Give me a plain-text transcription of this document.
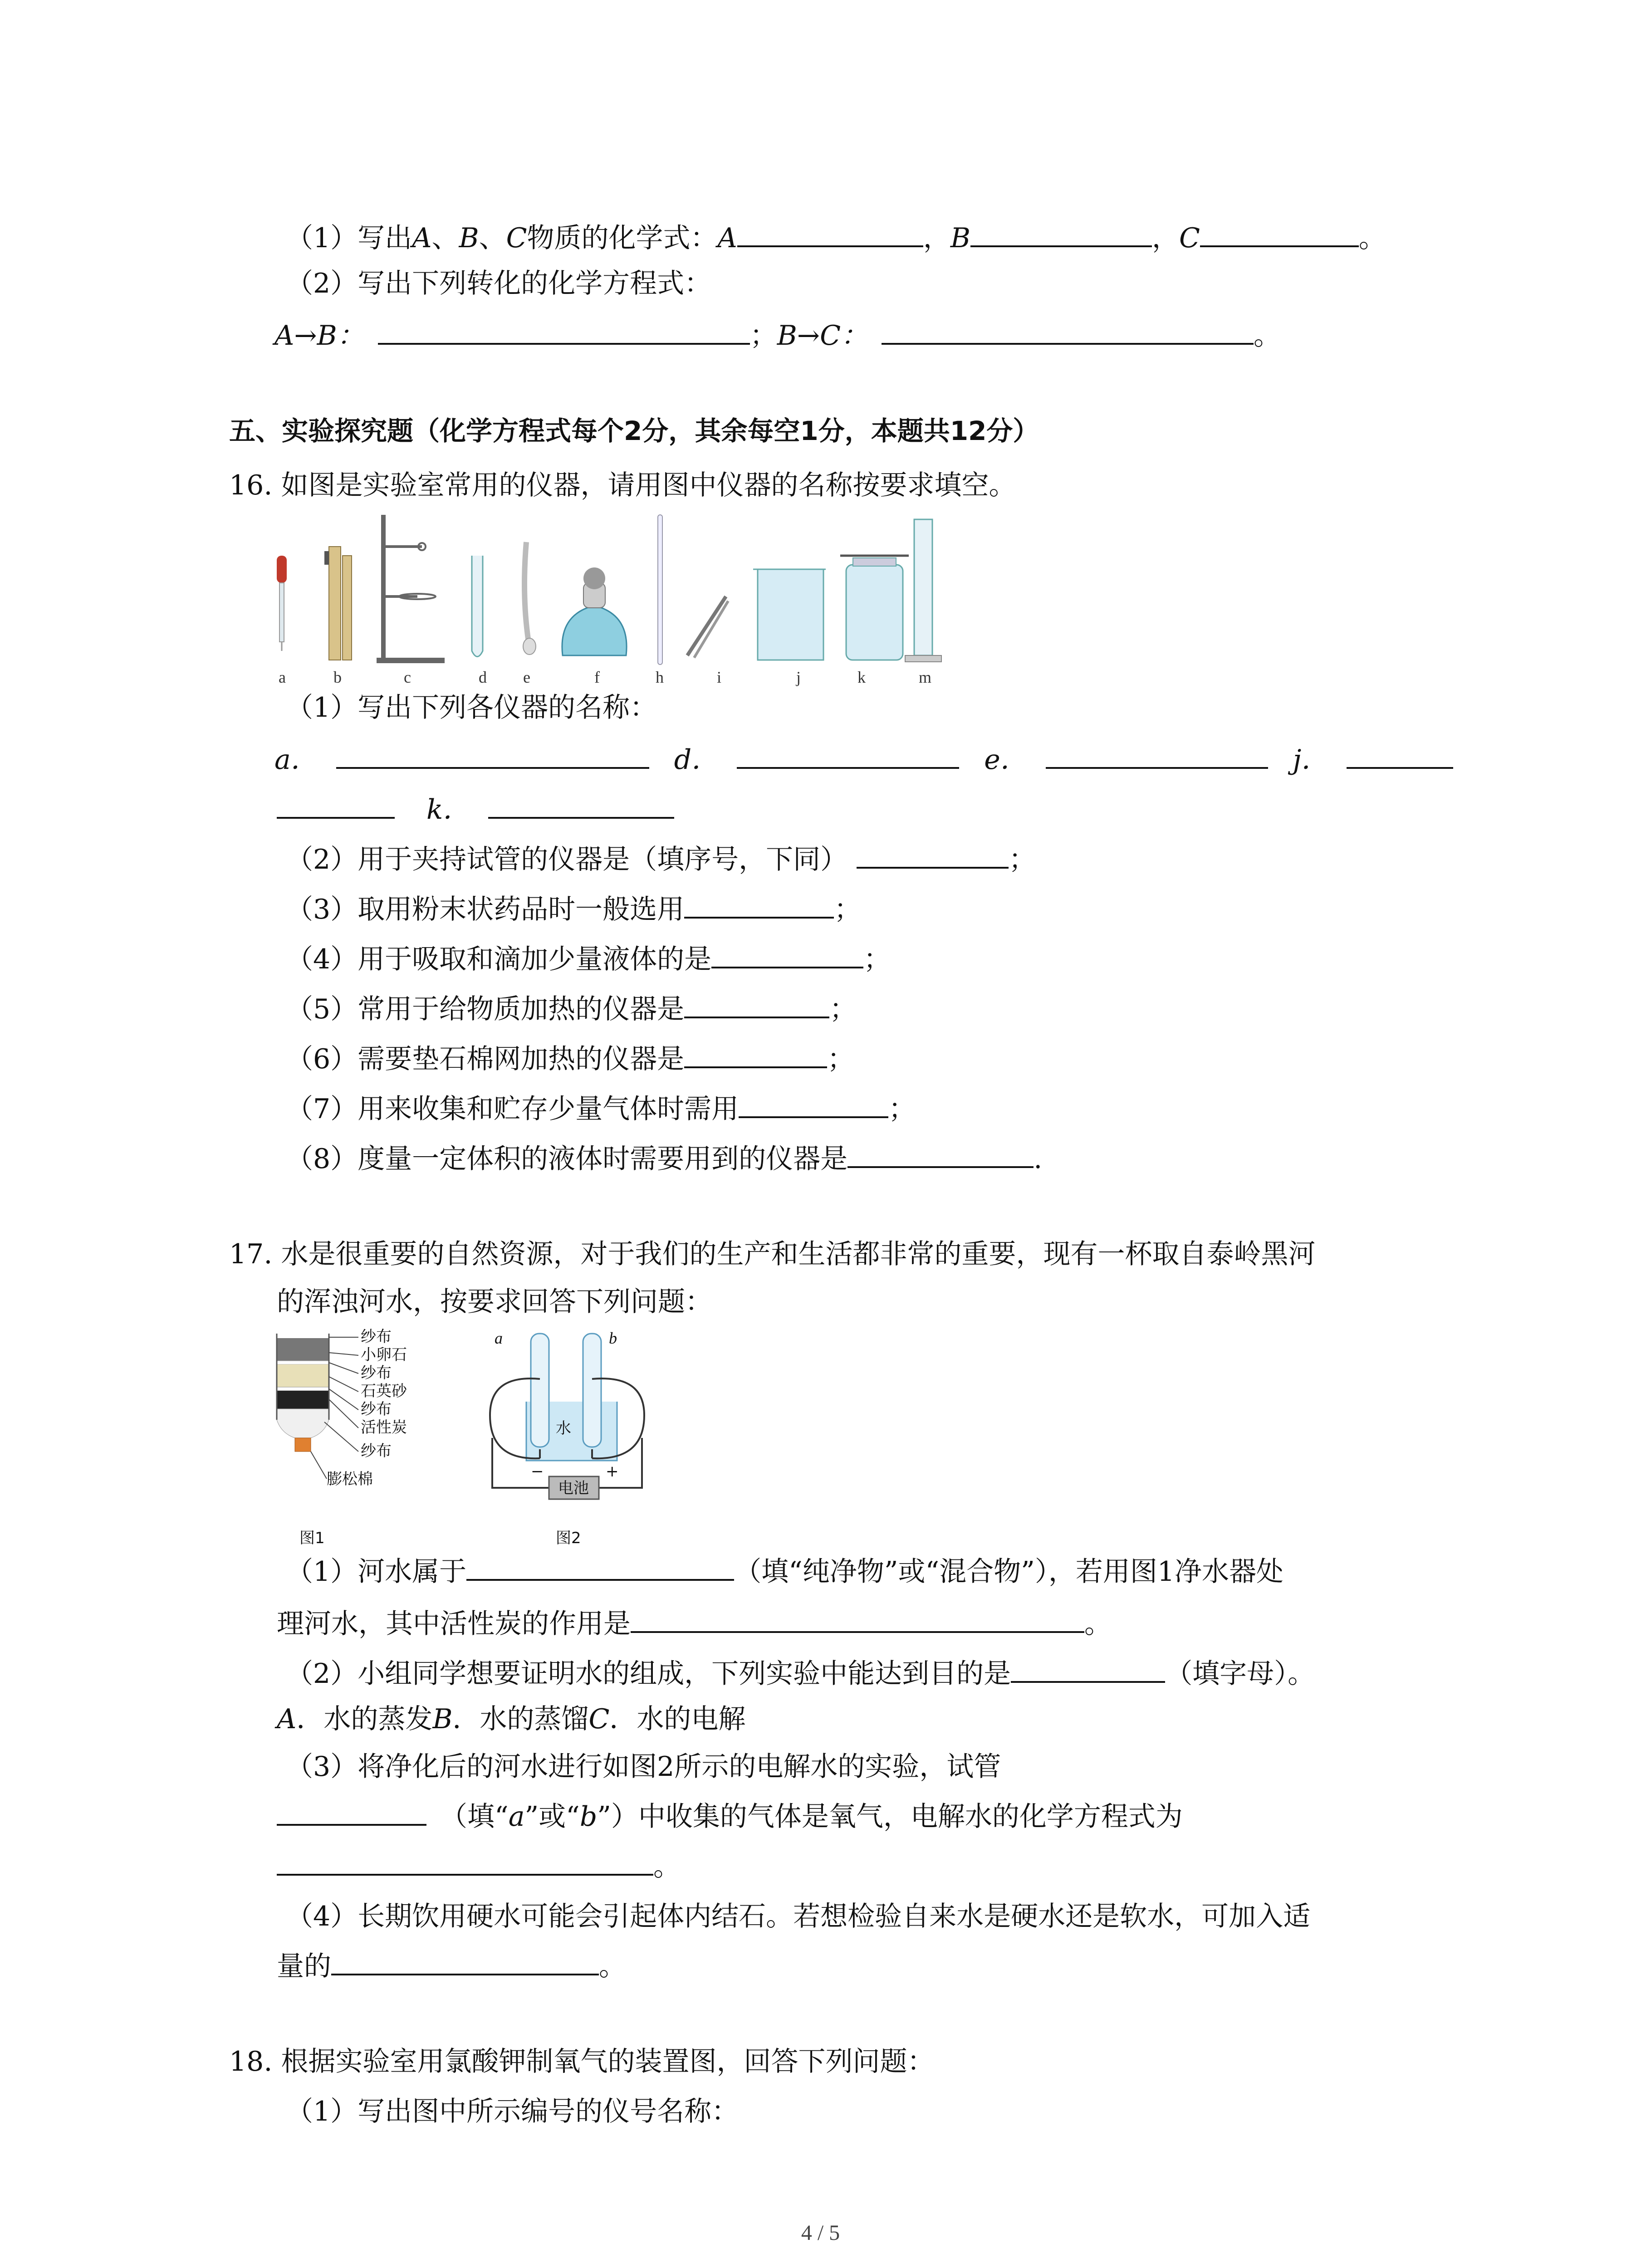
（1）写出A、B、C物质的化学式：A	，B	，C	。
（2）写出下列转化的化学方程式：
A→B：	；B→C：	。
五、实验探究题（化学方程式每个2分，其余每空1分，本题共12分）
16. 如图是实验室常用的仪器，请用图中仪器的名称按要求填空。
a	b	c	d e	f	h	i	j	k	m
（1）写出下列各仪器的名称：
a．	d．	e．	j．
k．
（2）用于夹持试管的仪器是（填序号，下同）	；
（3）取用粉末状药品时一般选用	；
（4）用于吸取和滴加少量液体的是	；
（5）常用于给物质加热的仪器是	；
（6）需要垫石棉网加热的仪器是	；
（7）用来收集和贮存少量气体时需用	；
（8）度量一定体积的液体时需要用到的仪器是	.
17. 水是很重要的自然资源，对于我们的生产和生活都非常的重要，现有一杯取自泰岭黑河
的浑浊河水，按要求回答下列问题：
纱布
小卵石
纱布
石英砂
纱布
活性炭
纱布
膨松棉
图1
a	b
水
−	+
电池
图2
（1）河水属于	（填“纯净物”或“混合物”），若用图1净水器处
理河水，其中活性炭的作用是	。
（2）小组同学想要证明水的组成，下列实验中能达到目的是	（填字母）。
A．水的蒸发B．水的蒸馏C．水的电解
（3）将净化后的河水进行如图2所示的电解水的实验，试管
（填“a”或“b”）中收集的气体是氧气，电解水的化学方程式为
。
（4）长期饮用硬水可能会引起体内结石。若想检验自来水是硬水还是软水，可加入适
量的	。
18. 根据实验室用氯酸钾制氧气的装置图，回答下列问题：
（1）写出图中所示编号的仪号名称：
4 / 5
